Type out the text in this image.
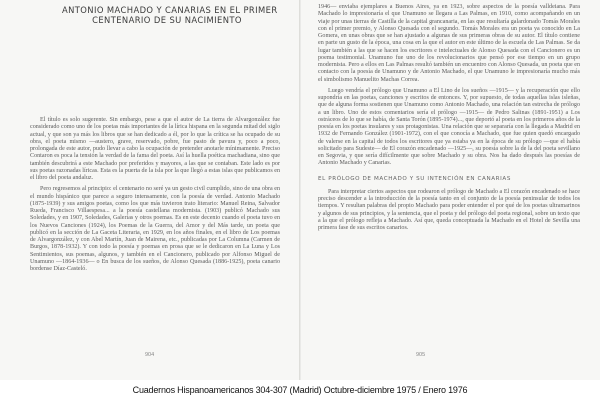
ANTONIO MACHADO Y CANARIAS EN EL PRIMER
CENTENARIO DE SU NACIMIENTO

El título es solo sugerente. Sin embargo, pese a que el autor de La tierra de Alvargonzález fue considerado como uno de los poetas más importantes de la lírica hispana en la segunda mitad del siglo actual, y que son ya más los libros que se han dedicado a él, por lo que la crítica se ha ocupado de su obra, el poeta mismo —austero, grave, reservado, pobre, fue pasto de pavura y, poco a poco, prolongada de este autor, pudo llevar a cabo la ocupación de pretender anotarle mínimamente. Preciso Contaron es poca la tensión la verdad de la fama del poeta. Así la huella poética machadiana, sino que también descubrirá a este Machado por preferidos y mayores, a las que se contaban. Este lado es por sus poetas razonadas líricas. Esta es la puerta de la isla por la que llegó a estas islas que publicamos en el libro del poeta andaluz.

Pero regresemos al principio: el centenario no seré ya un gesto civil cumplido, sino de una obra en el mundo hispánico que parece a seguro intensamente, con la poesía de verdad. Antonio Machado (1875-1939) y sus amigos poetas, como los que más tuvieron trato literario: Manuel Reina, Salvador Rueda, Francisco Villaespesa... a la poesía castellana modernista. (1903) publicó Machado sus Soledades, y en 1907, Soledades, Galerías y otros poemas. Es en este decenio cuando el poeta tuvo en los Nuevos Canciones (1924), los Poemas de la Guerra, del Amor y del Más tarde, un poeta que publicó en la sección de La Gaceta Literaria, en 1929, en los años finales, en el libro de Los poemas de Alvargonzález, y con Abel Martín, Juan de Mairena, etc., publicadas por La Columna (Carmen de Burgos, 1878-1932). Y con todo la poesía y poemas en prosa que se le dedicaron en La Luna y Los Sentimientos, sus poemas, algunos, y también en el Cancionero, publicado por Alfonso Miguel de Unamuno —1864-1936— o En busca de los sueños, de Alonso Quesada (1886-1925), poeta canario bordense Díaz-Casteló.

904

1946— enviaba ejemplares a Buenos Aires, ya en 1923, sobre aspectos de la poesía valldeiana. Para Machado lo impresionaría el que Unamuno se llegara a Las Palmas, en 1910, como acompañando en un viaje por unas tierras de Castilla de la capital grancanaria, en las que resultaría galardonado Tomás Morales con el primer premio, y Alonso Quesada con el segundo. Tomás Morales era un poeta ya conocido en La Gomera, en unas obras que se han ajustado a algunas de sus primeras obras de su autor. El título contiene en parte un gusto de la época, una cosa en la que el autor en este último de la escuela de Las Palmas. Se da lugar también a las que se hacen los escritores e intelectuales de Alonso Quesada con el Cancionero es un poema testimonial. Unamuno fue uno de los revolucionarios que pensó por ese tiempo en un grupo modernista. Pero a ellos en Las Palmas resultó también un encuentro con Alonso Quesada, un poeta que en contacto con la poesía de Unamuno y de Antonio Machado, el que Unamuno le impresionaría mucho más el simbolismo Manuelito Machas Correa.

Luego vendría el prólogo que Unamuno a El Lino de los sueños —1915— y la recuperación que ello supondría en las poetas, canciones y escritos de entonces. Y, por supuesto, de todas aquellas islas isleñas, que de alguna forma sostienen que Unamuno como Antonio Machado, una relación tan estrecha de prólogo a un libro. Uno de estos comentarios sería el prólogo —1915— de Pedro Salinas (1891-1951) a Los ostráceos de lo que se había, de Santa Torón (1895-1974)..., que deportó al poeta en los primeros años de la poesía en los poetas insulares y sus protagonistas. Una relación que se separaría con la llegada a Madrid en 1932 de Fernando González (1901-1972), con el que conocía a Machado, que fue quien quedó encargado de valerse en la capital de todos los escritores que ya estaba ya en la época de su prólogo —que el había solicitado para Sudeste— de El corazón encadenado —1925—, su poesía sobre la de la del poeta sevillano en Segovia, y que sería difícilmente que sobre Machado y su obra. Nos ha dado después las poesías de Antonio Machado y Canarias.

EL PRÓLOGO DE MACHADO Y SU INTENCIÓN EN CANARIAS

Para interpretar ciertos aspectos que rodearon el prólogo de Machado a El corazón encadenado se hace preciso descender a la introducción de la poesía tanto en el conjunto de la poesía peninsular de todos los tiempos. Y resultan palabras del propio Machado para poder entender el por qué de los poetas ultramarinos y algunos de sus principios, y la sentencia, que el poeta y del prólogo del poeta regional, sobre un texto que a la que el prólogo refleja a Machado. Así que, queda conceptuada la Machado en el Hotel de Sevilla una primera fase de sus escritos canarios.

905
Cuadernos Hispanoamericanos 304-307 (Madrid) Octubre-diciembre 1975 / Enero 1976
